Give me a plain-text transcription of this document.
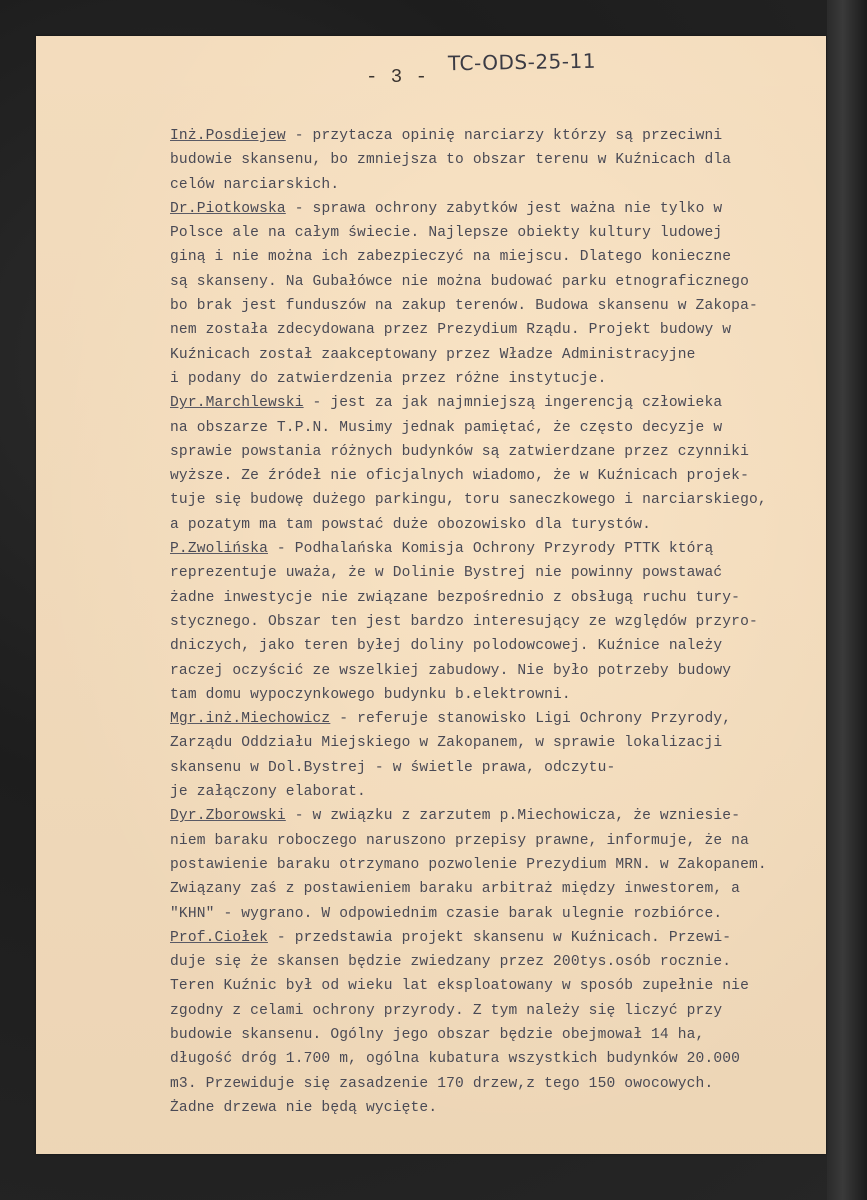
- 3 -
TC-ODS-25-11
Inż.Posdiejew - przytacza opinię narciarzy którzy są przeciwni
budowie skansenu, bo zmniejsza to obszar terenu w Kuźnicach dla
celów narciarskich.
Dr.Piotkowska - sprawa ochrony zabytków jest ważna nie tylko w
Polsce ale na całym świecie. Najlepsze obiekty kultury ludowej
giną i nie można ich zabezpieczyć na miejscu. Dlatego konieczne
są skanseny. Na Gubałówce nie można budować parku etnograficznego
bo brak jest funduszów na zakup terenów. Budowa skansenu w Zakopa-
nem została zdecydowana przez Prezydium Rządu. Projekt budowy w
Kuźnicach został zaakceptowany przez Władze Administracyjne
i podany do zatwierdzenia przez różne instytucje.
Dyr.Marchlewski - jest za jak najmniejszą ingerencją człowieka
na obszarze T.P.N. Musimy jednak pamiętać, że często decyzje w
sprawie powstania różnych budynków są zatwierdzane przez czynniki
wyższe. Ze źródeł nie oficjalnych wiadomo, że w Kuźnicach projek-
tuje się budowę dużego parkingu, toru saneczkowego i narciarskiego,
a pozatym ma tam powstać duże obozowisko dla turystów.
P.Zwolińska - Podhalańska Komisja Ochrony Przyrody PTTK którą
reprezentuje uważa, że w Dolinie Bystrej nie powinny powstawać
żadne inwestycje nie związane bezpośrednio z obsługą ruchu tury-
stycznego. Obszar ten jest bardzo interesujący ze względów przyro-
dniczych, jako teren byłej doliny polodowcowej. Kuźnice należy
raczej oczyścić ze wszelkiej zabudowy. Nie było potrzeby budowy
tam domu wypoczynkowego budynku b.elektrowni.
Mgr.inż.Miechowicz - referuje stanowisko Ligi Ochrony Przyrody,
Zarządu Oddziału Miejskiego w Zakopanem, w sprawie lokalizacji
skansenu w Dol.Bystrej - w świetle prawa, odczytu-
je załączony elaborat.
Dyr.Zborowski - w związku z zarzutem p.Miechowicza, że wzniesie-
niem baraku roboczego naruszono przepisy prawne, informuje, że na
postawienie baraku otrzymano pozwolenie Prezydium MRN. w Zakopanem.
Związany zaś z postawieniem baraku arbitraż między inwestorem, a
"KHN" - wygrano. W odpowiednim czasie barak ulegnie rozbiórce.
Prof.Ciołek - przedstawia projekt skansenu w Kuźnicach. Przewi-
duje się że skansen będzie zwiedzany przez 200tys.osób rocznie.
Teren Kuźnic był od wieku lat eksploatowany w sposób zupełnie nie
zgodny z celami ochrony przyrody. Z tym należy się liczyć przy
budowie skansenu. Ogólny jego obszar będzie obejmował 14 ha,
długość dróg 1.700 m, ogólna kubatura wszystkich budynków 20.000
m3. Przewiduje się zasadzenie 170 drzew,z tego 150 owocowych.
Żadne drzewa nie będą wycięte.
